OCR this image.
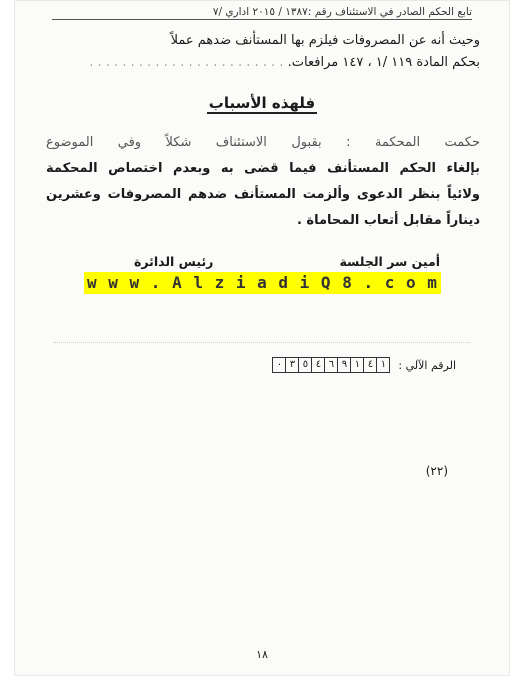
تابع الحكم الصادر في الاستئناف رقم :١٣٨٧ / ٢٠١٥ اداري /٧
وحيث أنه عن المصروفات فيلزم بها المستأنف ضدهم عملاً
بحكم المادة ١١٩ /١ ، ١٤٧ مرافعات. . . . . . . . . . . . . . . . . . . . . . . . .
فلهذه الأسباب
حكمت المحكمة : بقبول الاستئناف شكلاً وفي الموضوع
بإلغاء الحكم المستأنف فيما قضى به وبعدم اختصاص المحكمة
ولائياً بنظر الدعوى وألزمت المستأنف ضدهم المصروفات وعشرين
ديناراً مقابل أتعاب المحاماة .
أمين سر الجلسة
رئيس الدائرة
w w w . A l z i a d i Q 8 . c o m
الرقم الآلي :
١
٤
١
٩
٦
٤
٥
٣
٠
(٢٢)
١٨
